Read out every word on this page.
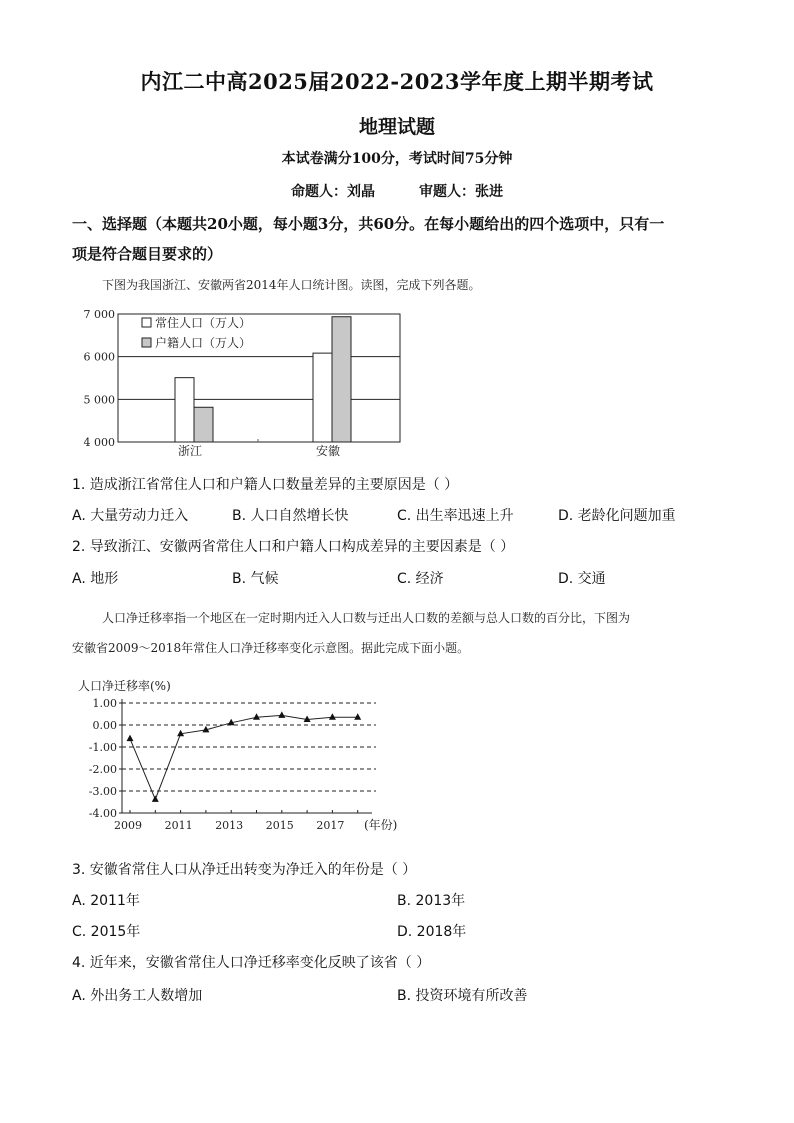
内江二中高2025届2022-2023学年度上期半期考试
地理试题
本试卷满分100分，考试时间75分钟
命题人：刘晶	审题人：张进
一、选择题（本题共20小题，每小题3分，共60分。在每小题给出的四个选项中，只有一
项是符合题目要求的）
下图为我国浙江、安徽两省2014年人口统计图。读图，完成下列各题。
4 000
5 000
6 000
7 000
浙江	安徽
常住人口（万人）
户籍人口（万人）
1. 造成浙江省常住人口和户籍人口数量差异的主要原因是（ ）
A. 大量劳动力迁入	B. 人口自然增长快	C. 出生率迅速上升	D. 老龄化问题加重
2. 导致浙江、安徽两省常住人口和户籍人口构成差异的主要因素是（ ）
A. 地形	B. 气候	C. 经济	D. 交通
人口净迁移率指一个地区在一定时期内迁入人口数与迁出人口数的差额与总人口数的百分比，下图为
安徽省2009～2018年常住人口净迁移率变化示意图。据此完成下面小题。
人口净迁移率(%)
1.00
0.00
-1.00
-2.00
-3.00
-4.00
2009 2011 2013 2015 2017 (年份)
3. 安徽省常住人口从净迁出转变为净迁入的年份是（ ）
A. 2011年	B. 2013年
C. 2015年	D. 2018年
4. 近年来，安徽省常住人口净迁移率变化反映了该省（ ）
A. 外出务工人数增加	B. 投资环境有所改善
